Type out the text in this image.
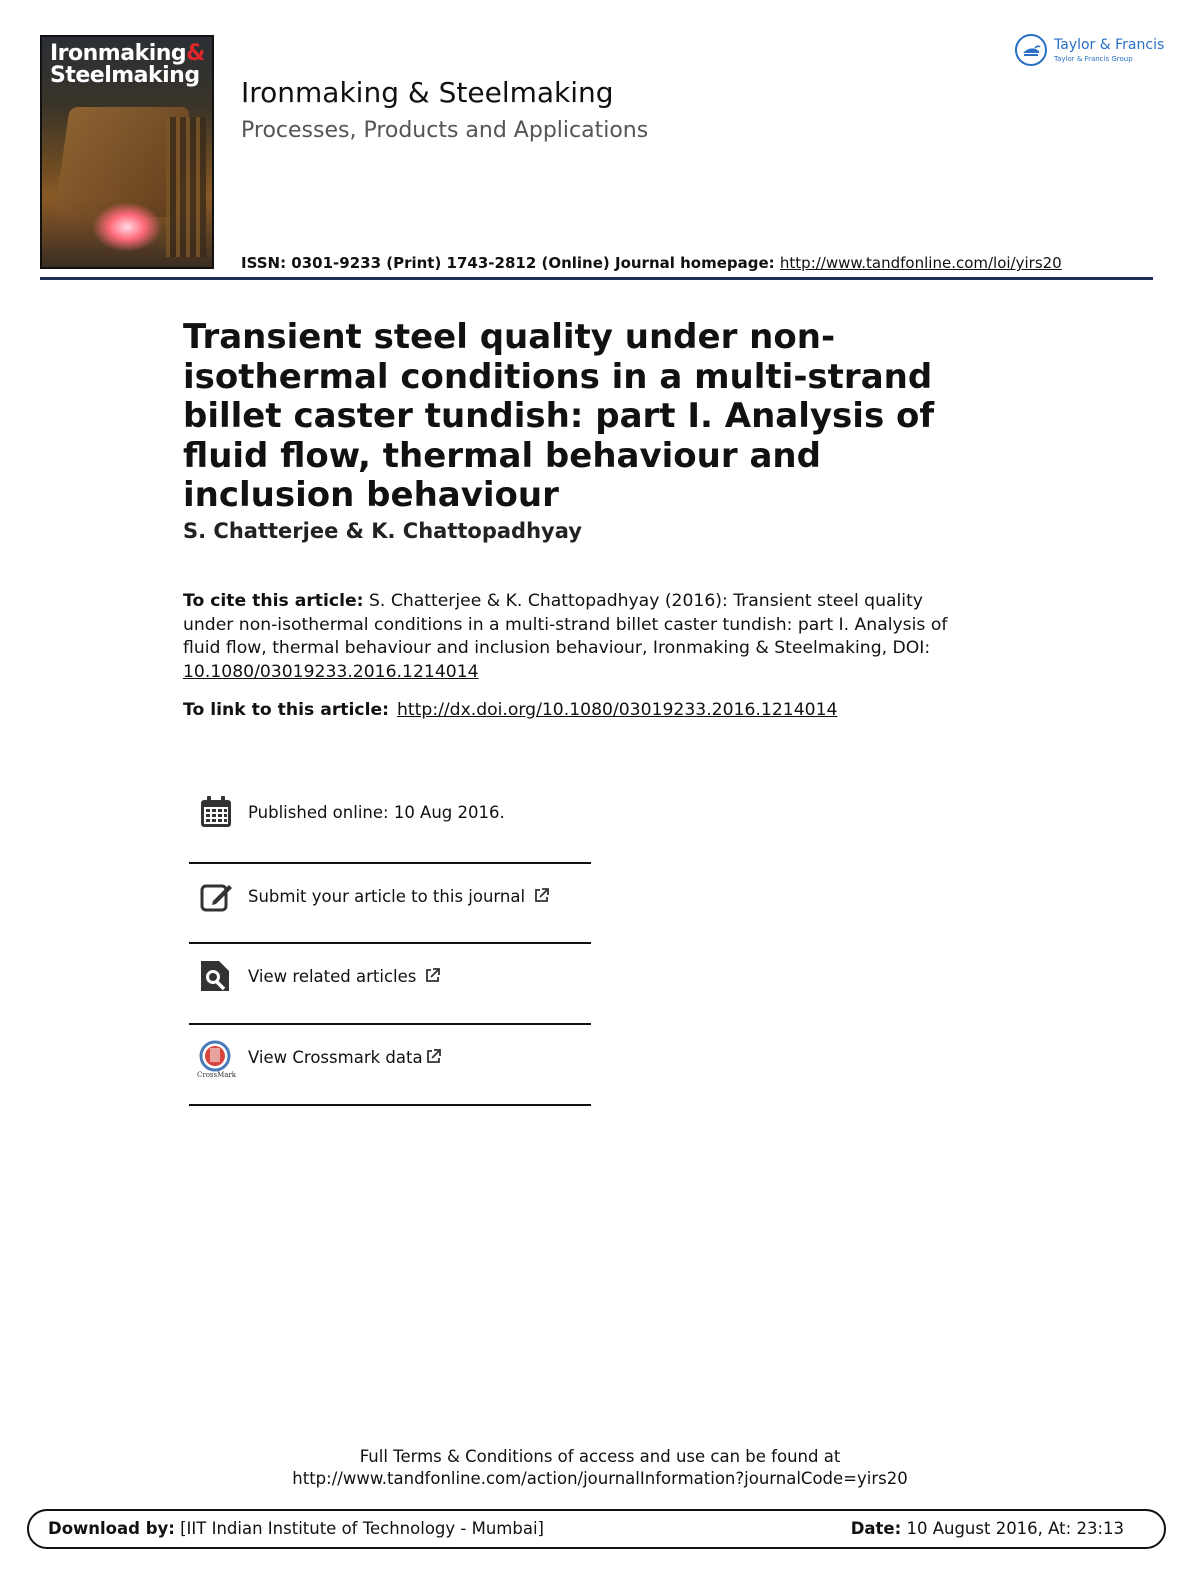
Ironmaking&
Steelmaking
Ironmaking & Steelmaking
Processes, Products and Applications
ISSN: 0301-9233 (Print) 1743-2812 (Online) Journal homepage: http://www.tandfonline.com/loi/yirs20
Taylor & Francis
Taylor & Francis Group
Transient steel quality under non-isothermal conditions in a multi-strand billet caster tundish: part I. Analysis of fluid flow, thermal behaviour and inclusion behaviour
S. Chatterjee & K. Chattopadhyay
To cite this article: S. Chatterjee & K. Chattopadhyay (2016): Transient steel quality under non-isothermal conditions in a multi-strand billet caster tundish: part I. Analysis of fluid flow, thermal behaviour and inclusion behaviour, Ironmaking & Steelmaking, DOI: 10.1080/03019233.2016.1214014
To link to this article: http://dx.doi.org/10.1080/03019233.2016.1214014
Published online: 10 Aug 2016.
Submit your article to this journal
View related articles
CrossMark
View Crossmark data
Full Terms & Conditions of access and use can be found at
http://www.tandfonline.com/action/journalInformation?journalCode=yirs20
Download by: [IIT Indian Institute of Technology - Mumbai]	Date: 10 August 2016, At: 23:13
